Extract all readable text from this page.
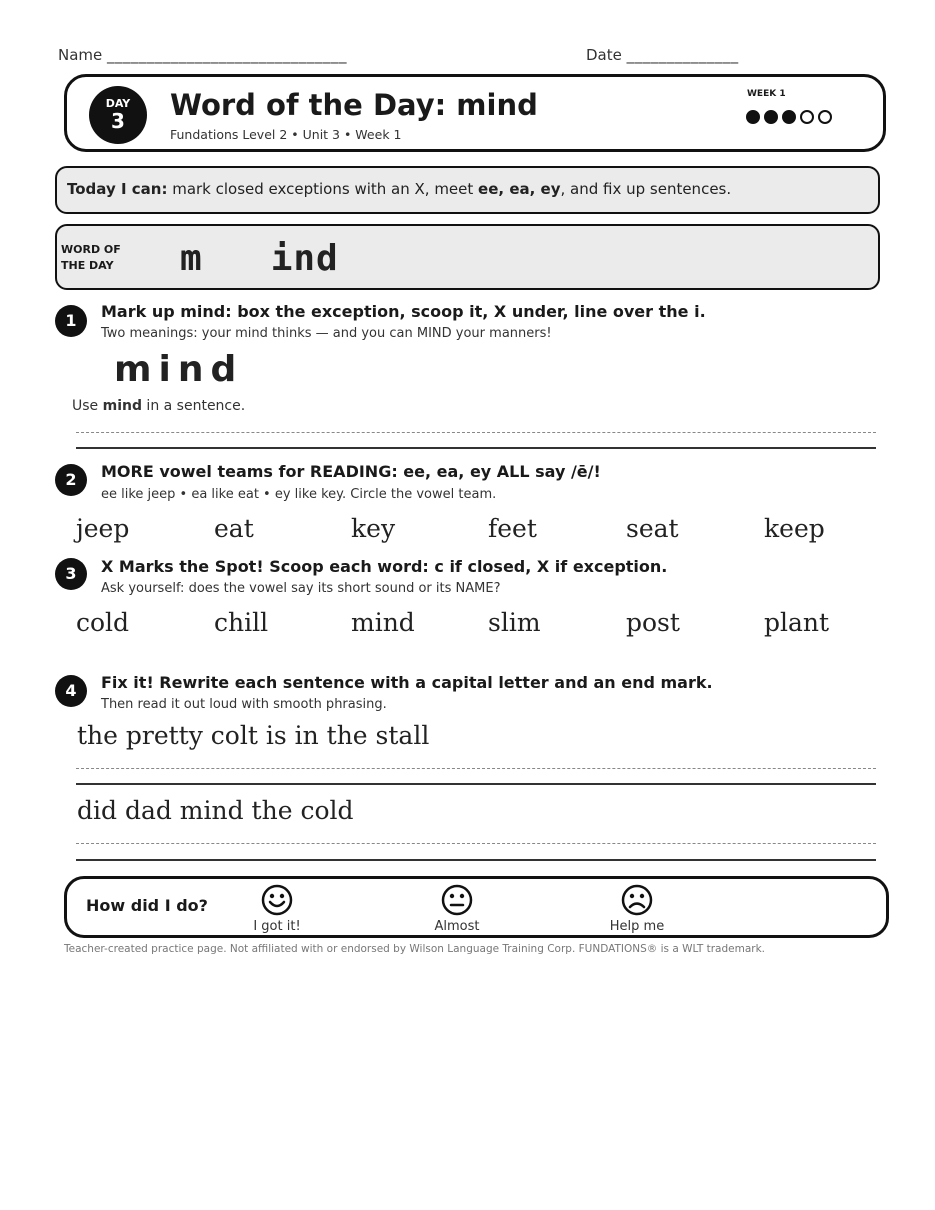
Name ______________________________	Date ______________
DAY
3	Word of the Day: mind
Fundations Level 2 • Unit 3 • Week 1
WEEK 1
Today I can: mark closed exceptions with an X, meet ee, ea, ey, and fix up sentences.
WORD OF
THE DAY	m   ind
1	Mark up mind: box the exception, scoop it, X under, line over the i.
Two meanings: your mind thinks — and you can MIND your manners!
mind
Use mind in a sentence.
2	MORE vowel teams for READING: ee, ea, ey ALL say /ē/!
ee like jeep • ea like eat • ey like key. Circle the vowel team.
jeep	eat	key	feet	seat	keep
3	X Marks the Spot! Scoop each word: c if closed, X if exception.
Ask yourself: does the vowel say its short sound or its NAME?
cold	chill	mind	slim	post	plant
4	Fix it! Rewrite each sentence with a capital letter and an end mark.
Then read it out loud with smooth phrasing.
the pretty colt is in the stall
did dad mind the cold
How did I do?
I got it!	Almost	Help me
Teacher-created practice page. Not affiliated with or endorsed by Wilson Language Training Corp. FUNDATIONS® is a WLT trademark.
